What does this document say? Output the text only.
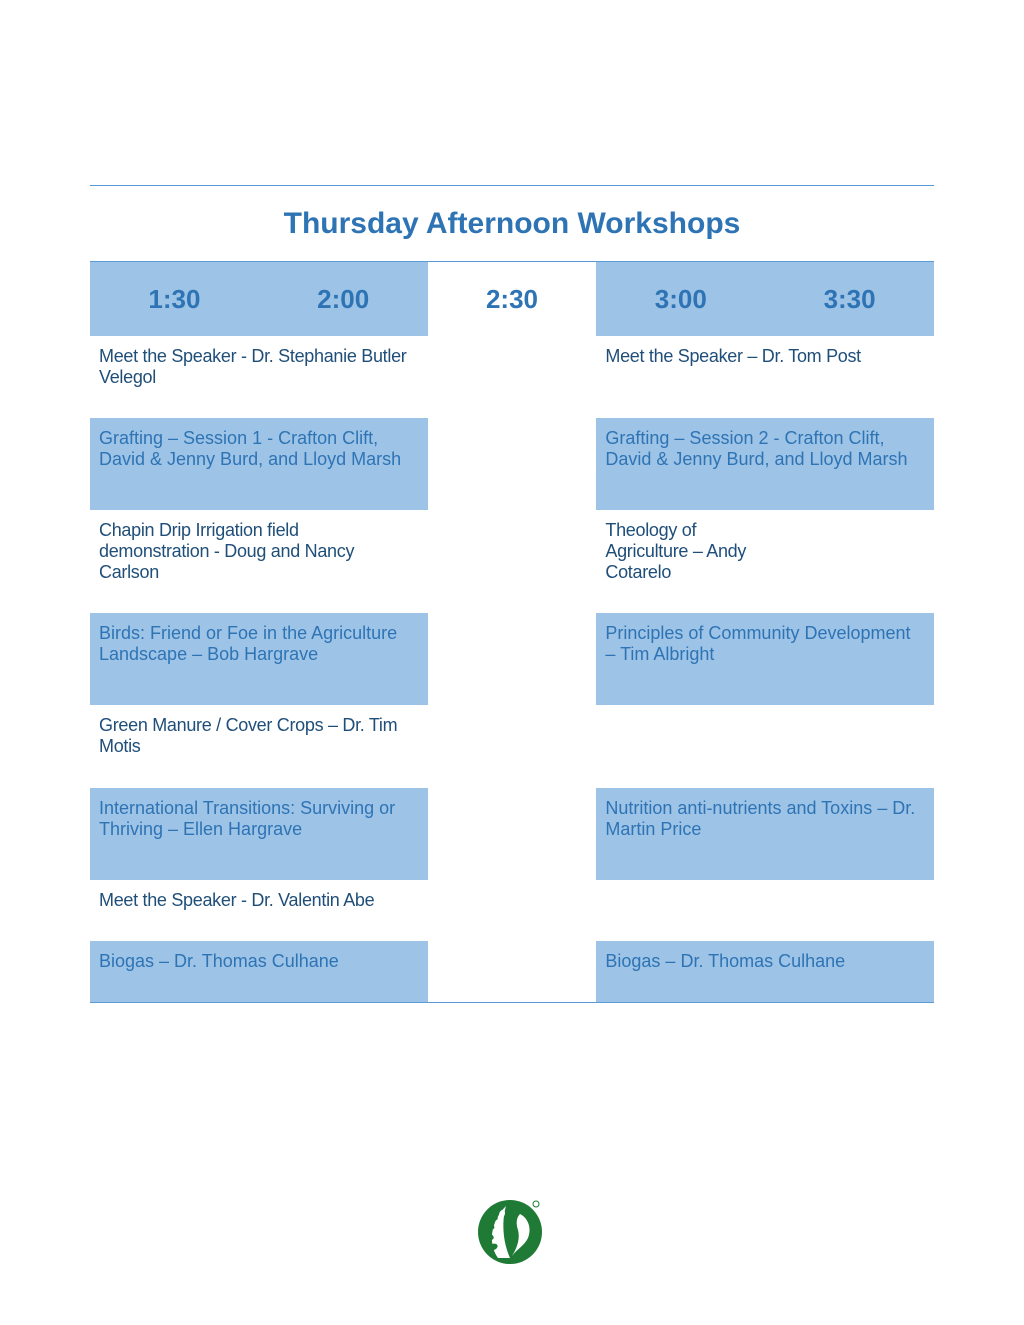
Thursday Afternoon Workshops
1:30	2:00	2:30	3:00	3:30

Meet the Speaker - Dr. Stephanie Butler Velegol			Meet the Speaker – Dr. Tom Post	

Grafting – Session 1 - Crafton Clift, David & Jenny Burd, and Lloyd Marsh			Grafting – Session 2 - Crafton Clift, David & Jenny Burd, and Lloyd Marsh	

Chapin Drip Irrigation field demonstration - Doug and Nancy Carlson			Theology of Agriculture – Andy Cotarelo	

Birds: Friend or Foe in the Agriculture Landscape – Bob Hargrave			Principles of Community Development – Tim Albright	

Green Manure / Cover Crops – Dr. Tim Motis				

International Transitions: Surviving or Thriving – Ellen Hargrave			Nutrition anti-nutrients and Toxins – Dr. Martin Price	

Meet the Speaker - Dr. Valentin Abe				

Biogas – Dr. Thomas Culhane			Biogas – Dr. Thomas Culhane	
